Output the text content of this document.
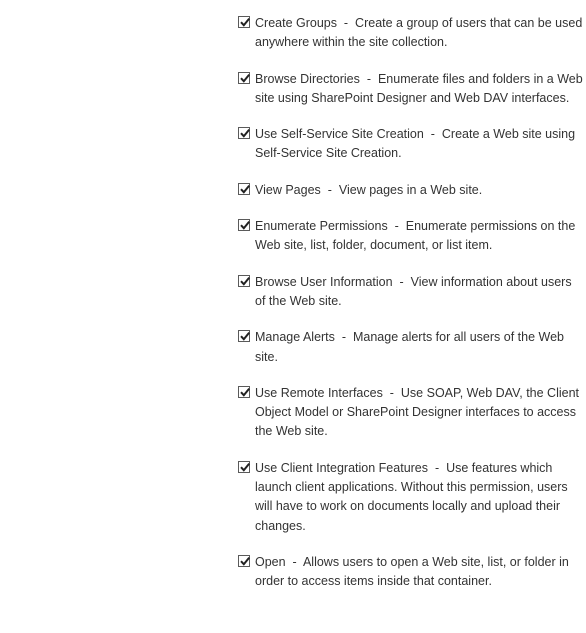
Create Groups  -  Create a group of users that can be used anywhere within the site collection.
Browse Directories  -  Enumerate files and folders in a Web site using SharePoint Designer and Web DAV interfaces.
Use Self-Service Site Creation  -  Create a Web site using Self-Service Site Creation.
View Pages  -  View pages in a Web site.
Enumerate Permissions  -  Enumerate permissions on the Web site, list, folder, document, or list item.
Browse User Information  -  View information about users of the Web site.
Manage Alerts  -  Manage alerts for all users of the Web site.
Use Remote Interfaces  -  Use SOAP, Web DAV, the Client Object Model or SharePoint Designer interfaces to access the Web site.
Use Client Integration Features  -  Use features which launch client applications. Without this permission, users will have to work on documents locally and upload their changes.
Open  -  Allows users to open a Web site, list, or folder in order to access items inside that container.
